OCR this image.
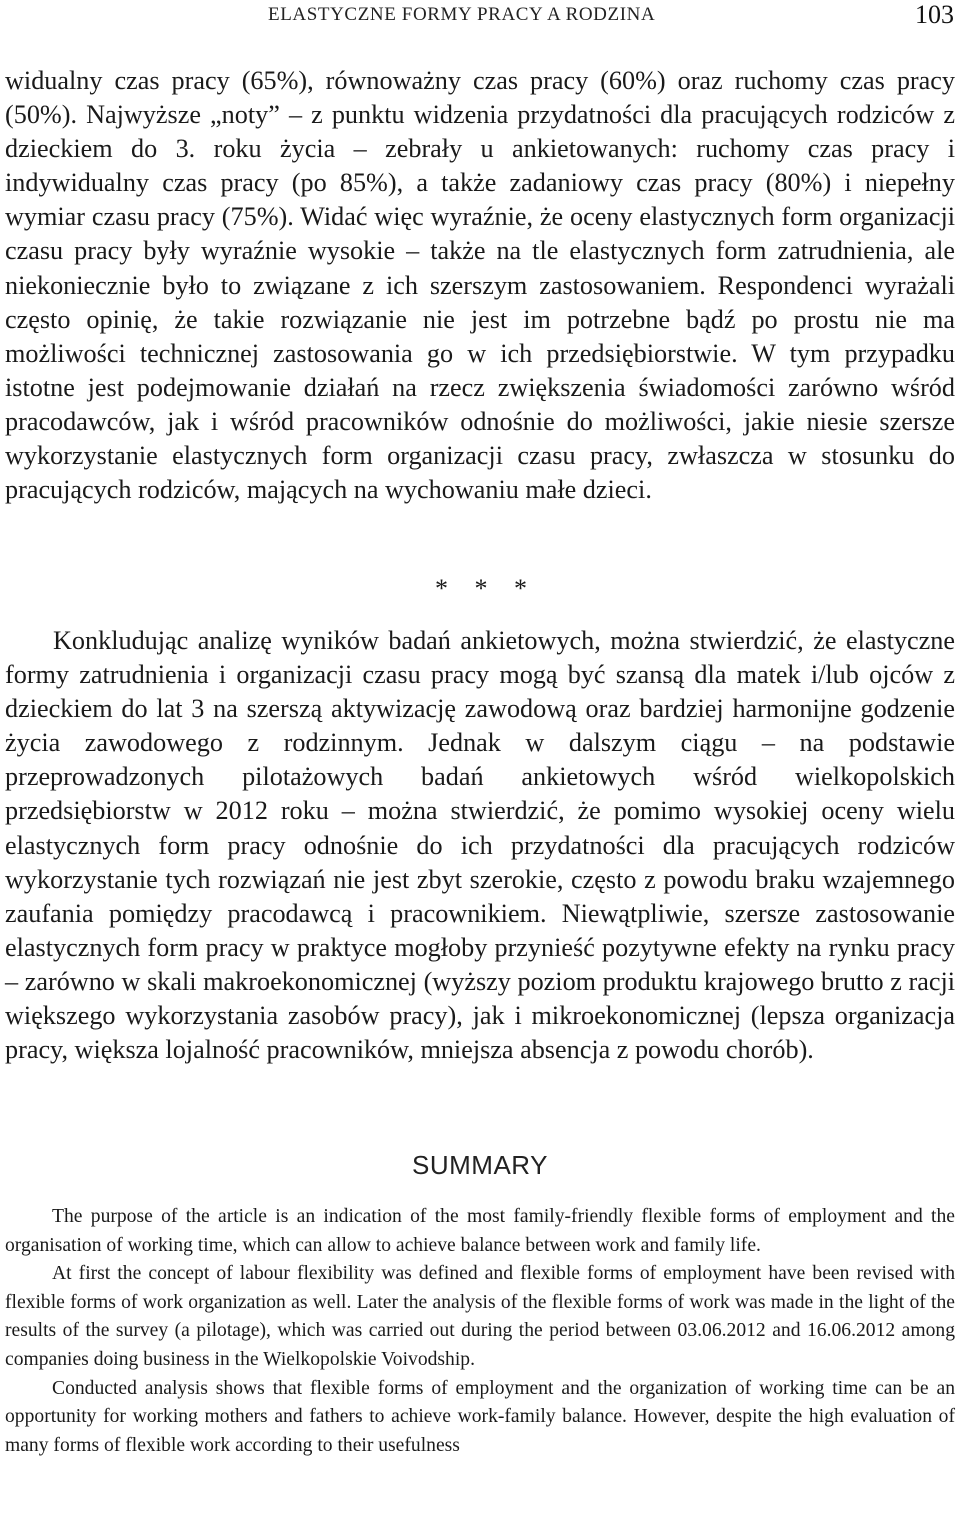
ELASTYCZNE FORMY PRACY A RODZINA	103

widualny czas pracy (65%), równoważny czas pracy (60%) oraz ruchomy czas pracy (50%). Najwyższe „noty” – z punktu widzenia przydatności dla pracujących rodziców z dzieckiem do 3. roku życia – zebrały u ankietowanych: ruchomy czas pracy i indywidualny czas pracy (po 85%), a także zadaniowy czas pracy (80%) i niepełny wymiar czasu pracy (75%). Widać więc wyraźnie, że oceny elastycznych form organizacji czasu pracy były wyraźnie wysokie – także na tle elastycznych form zatrudnienia, ale niekoniecznie było to związane z ich szerszym zastosowaniem. Respondenci wyrażali często opinię, że takie rozwiązanie nie jest im potrzebne bądź po prostu nie ma możliwości technicznej zastosowania go w ich przedsiębiorstwie. W tym przypadku istotne jest podejmowanie działań na rzecz zwiększenia świadomości zarówno wśród pracodawców, jak i wśród pracowników odnośnie do możliwości, jakie niesie szersze wykorzystanie elastycznych form organizacji czasu pracy, zwłaszcza w stosunku do pracujących rodziców, mających na wychowaniu małe dzieci.

* * *

Konkludując analizę wyników badań ankietowych, można stwierdzić, że elastyczne formy zatrudnienia i organizacji czasu pracy mogą być szansą dla matek i/lub ojców z dzieckiem do lat 3 na szerszą aktywizację zawodową oraz bardziej harmonijne godzenie życia zawodowego z rodzinnym. Jednak w dalszym ciągu – na podstawie przeprowadzonych pilotażowych badań ankietowych wśród wielkopolskich przedsiębiorstw w 2012 roku – można stwierdzić, że pomimo wysokiej oceny wielu elastycznych form pracy odnośnie do ich przydatności dla pracujących rodziców wykorzystanie tych rozwiązań nie jest zbyt szerokie, często z powodu braku wzajemnego zaufania pomiędzy pracodawcą i pracownikiem. Niewątpliwie, szersze zastosowanie elastycznych form pracy w praktyce mogłoby przynieść pozytywne efekty na rynku pracy – zarówno w skali makroekonomicznej (wyższy poziom produktu krajowego brutto z racji większego wykorzystania zasobów pracy), jak i mikroekonomicznej (lepsza organizacja pracy, większa lojalność pracowników, mniejsza absencja z powodu chorób).

SUMMARY

The purpose of the article is an indication of the most family-friendly flexible forms of employment and the organisation of working time, which can allow to achieve balance between work and family life.

At first the concept of labour flexibility was defined and flexible forms of employment have been revised with flexible forms of work organization as well. Later the analysis of the flexible forms of work was made in the light of the results of the survey (a pilotage), which was carried out during the period between 03.06.2012 and 16.06.2012 among companies doing business in the Wielkopolskie Voivodship.

Conducted analysis shows that flexible forms of employment and the organization of working time can be an opportunity for working mothers and fathers to achieve work-family balance. However, despite the high evaluation of many forms of flexible work according to their usefulness
